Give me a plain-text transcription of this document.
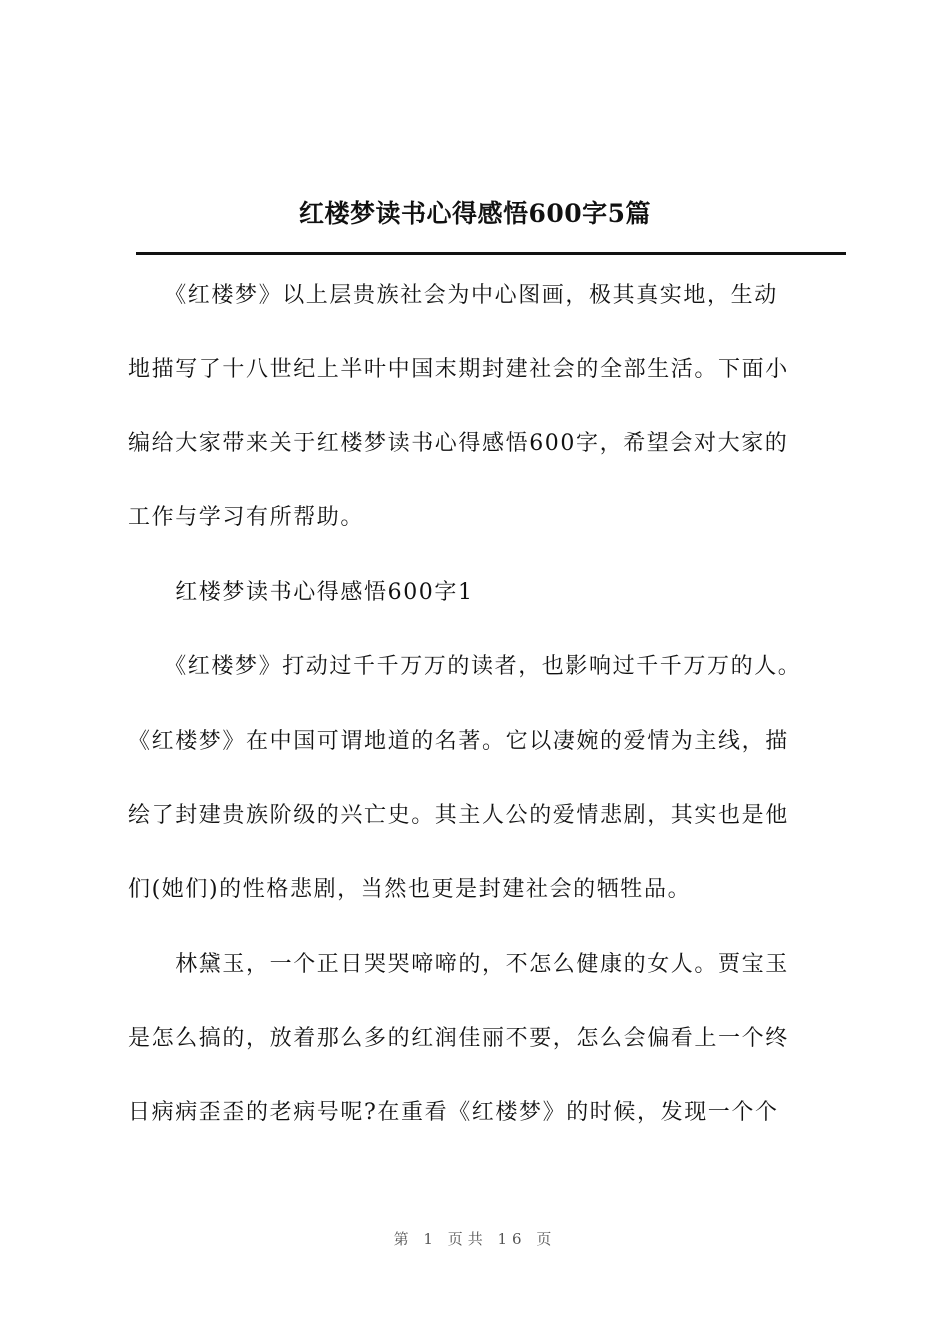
红楼梦读书心得感悟600字5篇
　　《红楼梦》以上层贵族社会为中心图画，极其真实地，生动
地描写了十八世纪上半叶中国末期封建社会的全部生活。下面小
编给大家带来关于红楼梦读书心得感悟600字，希望会对大家的
工作与学习有所帮助。
　　红楼梦读书心得感悟600字1
　　《红楼梦》打动过千千万万的读者，也影响过千千万万的人。
《红楼梦》在中国可谓地道的名著。它以凄婉的爱情为主线，描
绘了封建贵族阶级的兴亡史。其主人公的爱情悲剧，其实也是他
们(她们)的性格悲剧，当然也更是封建社会的牺牲品。
　　林黛玉，一个正日哭哭啼啼的，不怎么健康的女人。贾宝玉
是怎么搞的，放着那么多的红润佳丽不要，怎么会偏看上一个终
日病病歪歪的老病号呢?在重看《红楼梦》的时候，发现一个个
第 1 页共 16 页
